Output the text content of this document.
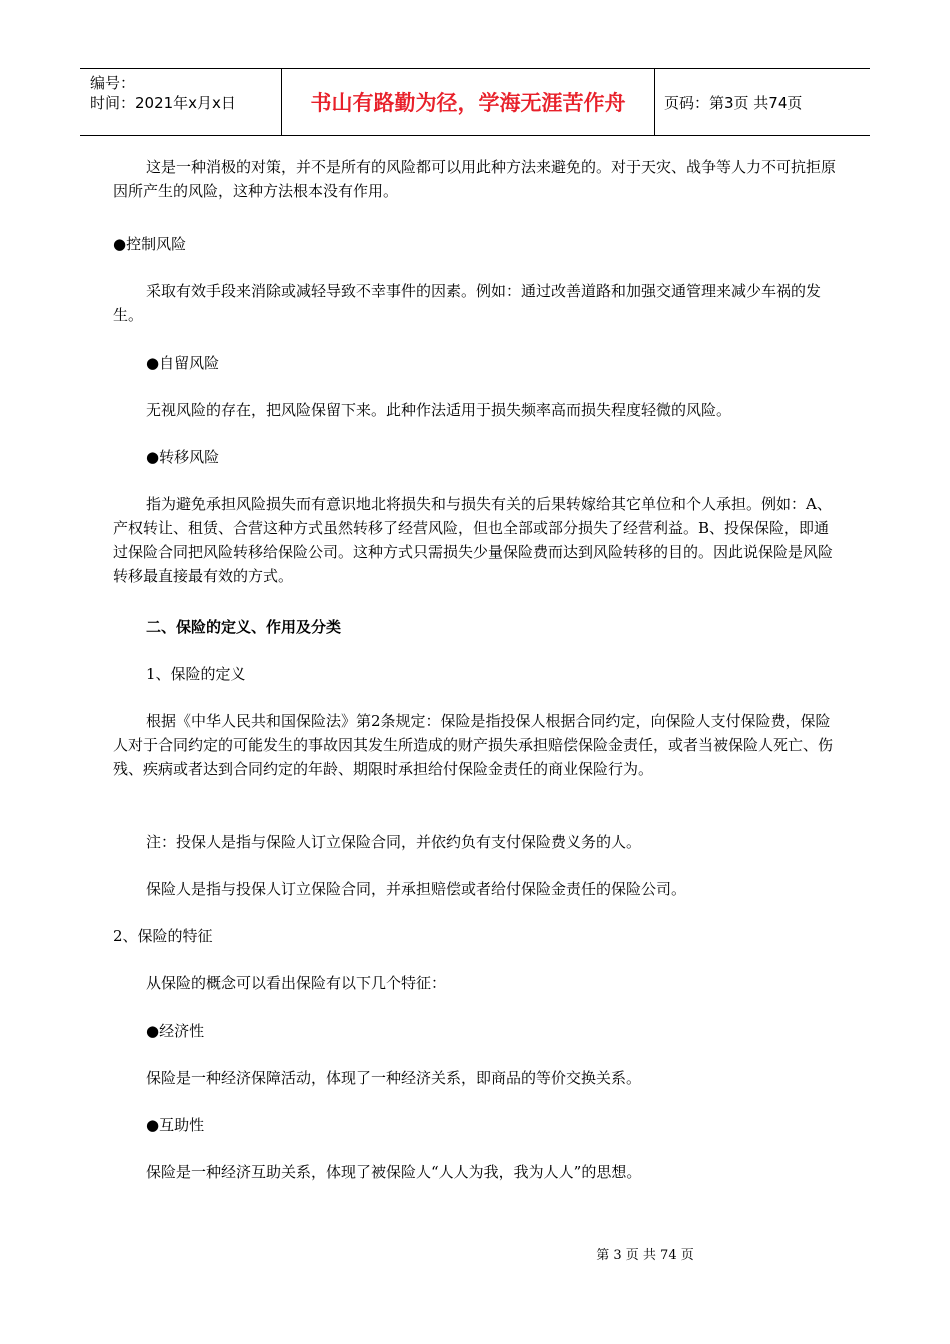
编号：
时间：2021年x月x日	书山有路勤为径，学海无涯苦作舟	页码：第3页 共74页

这是一种消极的对策，并不是所有的风险都可以用此种方法来避免的。对于天灾、战争等人力不可抗拒原因所产生的风险，这种方法根本没有作用。

●控制风险

采取有效手段来消除或减轻导致不幸事件的因素。例如：通过改善道路和加强交通管理来减少车祸的发生。

●自留风险

无视风险的存在，把风险保留下来。此种作法适用于损失频率高而损失程度轻微的风险。

●转移风险

指为避免承担风险损失而有意识地北将损失和与损失有关的后果转嫁给其它单位和个人承担。例如：A、产权转让、租赁、合营这种方式虽然转移了经营风险，但也全部或部分损失了经营利益。B、投保保险，即通过保险合同把风险转移给保险公司。这种方式只需损失少量保险费而达到风险转移的目的。因此说保险是风险转移最直接最有效的方式。

二、保险的定义、作用及分类

1、保险的定义

根据《中华人民共和国保险法》第2条规定：保险是指投保人根据合同约定，向保险人支付保险费，保险人对于合同约定的可能发生的事故因其发生所造成的财产损失承担赔偿保险金责任，或者当被保险人死亡、伤残、疾病或者达到合同约定的年龄、期限时承担给付保险金责任的商业保险行为。

注：投保人是指与保险人订立保险合同，并依约负有支付保险费义务的人。

保险人是指与投保人订立保险合同，并承担赔偿或者给付保险金责任的保险公司。

2、保险的特征

从保险的概念可以看出保险有以下几个特征：

●经济性

保险是一种经济保障活动，体现了一种经济关系，即商品的等价交换关系。

●互助性

保险是一种经济互助关系，体现了被保险人“人人为我，我为人人”的思想。

第 3 页 共 74 页
